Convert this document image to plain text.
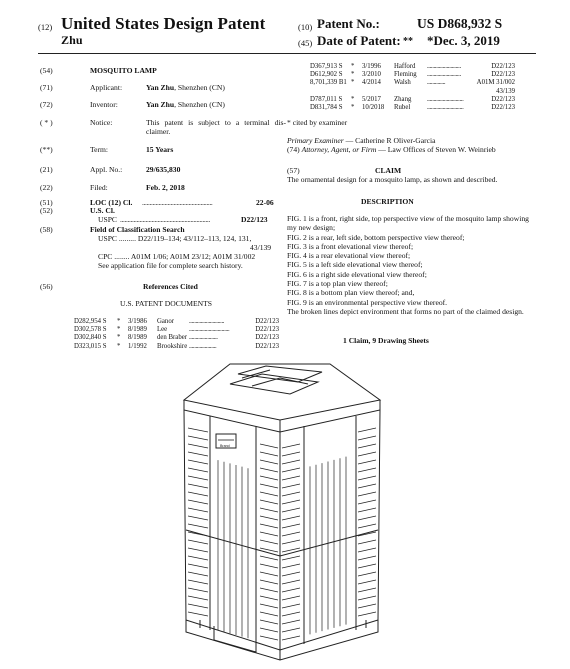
(12) United States Design Patent
Zhu
(10) Patent No.:	US D868,932 S
(45) Date of Patent: ** *Dec. 3, 2019
(54)	MOSQUITO LAMP
(71)	Applicant:	Yan Zhu, Shenzhen (CN)
(72)	Inventor:	Yan Zhu, Shenzhen (CN)
( * )	Notice:	This patent is subject to a terminal dis-claimer.
(**)	Term:	15 Years
(21)	Appl. No.:	29/635,830
(22)	Filed:	Feb. 2, 2018
(51)	LOC (12) Cl. ...............................................	22-06
(52)	U.S. Cl.
USPC ............................................................	D22/123
(58)	Field of Classification Search
USPC ......... D22/119–134; 43/112–113, 124, 131,
43/139
CPC ........ A01M 1/06; A01M 23/12; A01M 31/002
See application file for complete search history.
(56)	References Cited
U.S. PATENT DOCUMENTS
D282,954 S * 3/1986 Ganor ...........................	D22/123
D302,578 S * 8/1989 Lee	...............................	D22/123
D302,840 S * 8/1989 den Braber ......................	D22/123
D323,015 S * 1/1992 Brookshire .....................	D22/123
D367,913 S * 3/1996 Hafford ..........................	D22/123
D612,902 S * 3/2010 Fleming ..........................	D22/123
8,701,339 B1 * 4/2014 Walsh ..............	A01M 31/002
43/139
D787,011 S * 5/2017 Zhang ............................	D22/123
D831,784 S * 10/2018 Rubel ............................	D22/123
* cited by examiner
Primary Examiner — Catherine R Oliver-Garcia
(74) Attorney, Agent, or Firm — Law Offices of Steven W. Weinrieb
(57)	CLAIM
The ornamental design for a mosquito lamp, as shown and described.
DESCRIPTION
FIG. 1 is a front, right side, top perspective view of the mosquito lamp showing my new design;
FIG. 2 is a rear, left side, bottom perspective view thereof;
FIG. 3 is a front elevational view thereof;
FIG. 4 is a rear elevational view thereof;
FIG. 5 is a left side elevational view thereof;
FIG. 6 is a right side elevational view thereof;
FIG. 7 is a top plan view thereof;
FIG. 8 is a bottom plan view thereof; and,
FIG. 9 is an environmental perspective view thereof.
The broken lines depict environment that forms no part of the claimed design.
1 Claim, 9 Drawing Sheets
Brand
